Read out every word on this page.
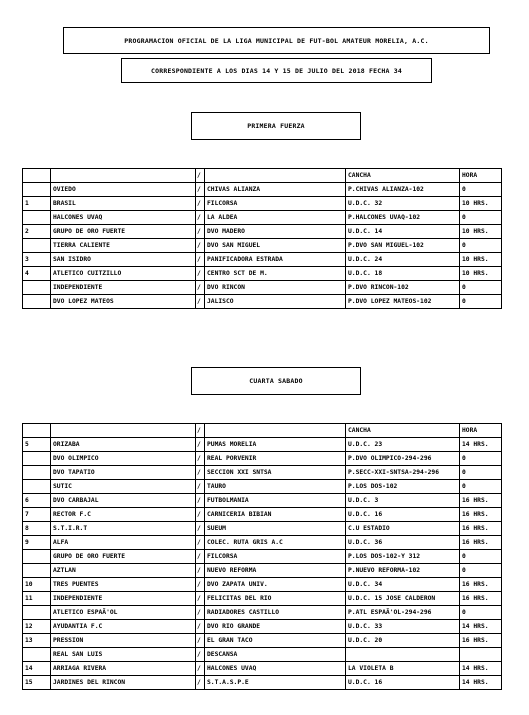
PROGRAMACION OFICIAL DE LA LIGA MUNICIPAL DE FUT-BOL AMATEUR MORELIA, A.C.
CORRESPONDIENTE A LOS DIAS 14 Y 15 DE JULIO DEL 2018 FECHA 34
PRIMERA FUERZA
		/		CANCHA	HORA
	OVIEDO	/	CHIVAS ALIANZA	P.CHIVAS ALIANZA-102	0
1	BRASIL	/	FILCORSA	U.D.C. 32	10 HRS.
	HALCONES UVAQ	/	LA ALDEA	P.HALCONES UVAQ-102	0
2	GRUPO DE ORO FUERTE	/	DVO MADERO	U.D.C. 14	10 HRS.
	TIERRA CALIENTE	/	DVO SAN MIGUEL	P.DVO SAN MIGUEL-102	0
3	SAN ISIDRO	/	PANIFICADORA ESTRADA	U.D.C. 24	10 HRS.
4	ATLETICO CUITZILLO	/	CENTRO SCT DE M.	U.D.C. 18	10 HRS.
	INDEPENDIENTE	/	DVO RINCON	P.DVO RINCON-102	0
	DVO LOPEZ MATEOS	/	JALISCO	P.DVO LOPEZ MATEOS-102	0
CUARTA SABADO
		/		CANCHA	HORA
5	ORIZABA	/	PUMAS MORELIA	U.D.C. 23	14 HRS.
	DVO OLIMPICO	/	REAL PORVENIR	P.DVO OLIMPICO-294-296	0
	DVO TAPATIO	/	SECCION XXI SNTSA	P.SECC-XXI-SNTSA-294-296	0
	SUTIC	/	TAURO	P.LOS DOS-102	0
6	DVO CARBAJAL	/	FUTBOLMANIA	U.D.C. 3	16 HRS.
7	RECTOR F.C	/	CARNICERIA BIBIAN	U.D.C. 16	16 HRS.
8	S.T.I.R.T	/	SUEUM	C.U ESTADIO	16 HRS.
9	ALFA	/	COLEC. RUTA GRIS A.C	U.D.C. 36	16 HRS.
	GRUPO DE ORO FUERTE	/	FILCORSA	P.LOS DOS-102-Y 312	0
	AZTLAN	/	NUEVO REFORMA	P.NUEVO REFORMA-102	0
10	TRES PUENTES	/	DVO ZAPATA UNIV.	U.D.C. 34	16 HRS.
11	INDEPENDIENTE	/	FELICITAS DEL RIO	U.D.C. 15 JOSE CALDERON	16 HRS.
	ATLETICO ESPAÃ'OL	/	RADIADORES CASTILLO	P.ATL ESPAÃ'OL-294-296	0
12	AYUDANTIA F.C	/	DVO RIO GRANDE	U.D.C. 33	14 HRS.
13	PRESSION	/	EL GRAN TACO	U.D.C. 20	16 HRS.
	REAL SAN LUIS	/	DESCANSA		
14	ARRIAGA RIVERA	/	HALCONES UVAQ	LA VIOLETA B	14 HRS.
15	JARDINES DEL RINCON	/	S.T.A.S.P.E	U.D.C. 16	14 HRS.
